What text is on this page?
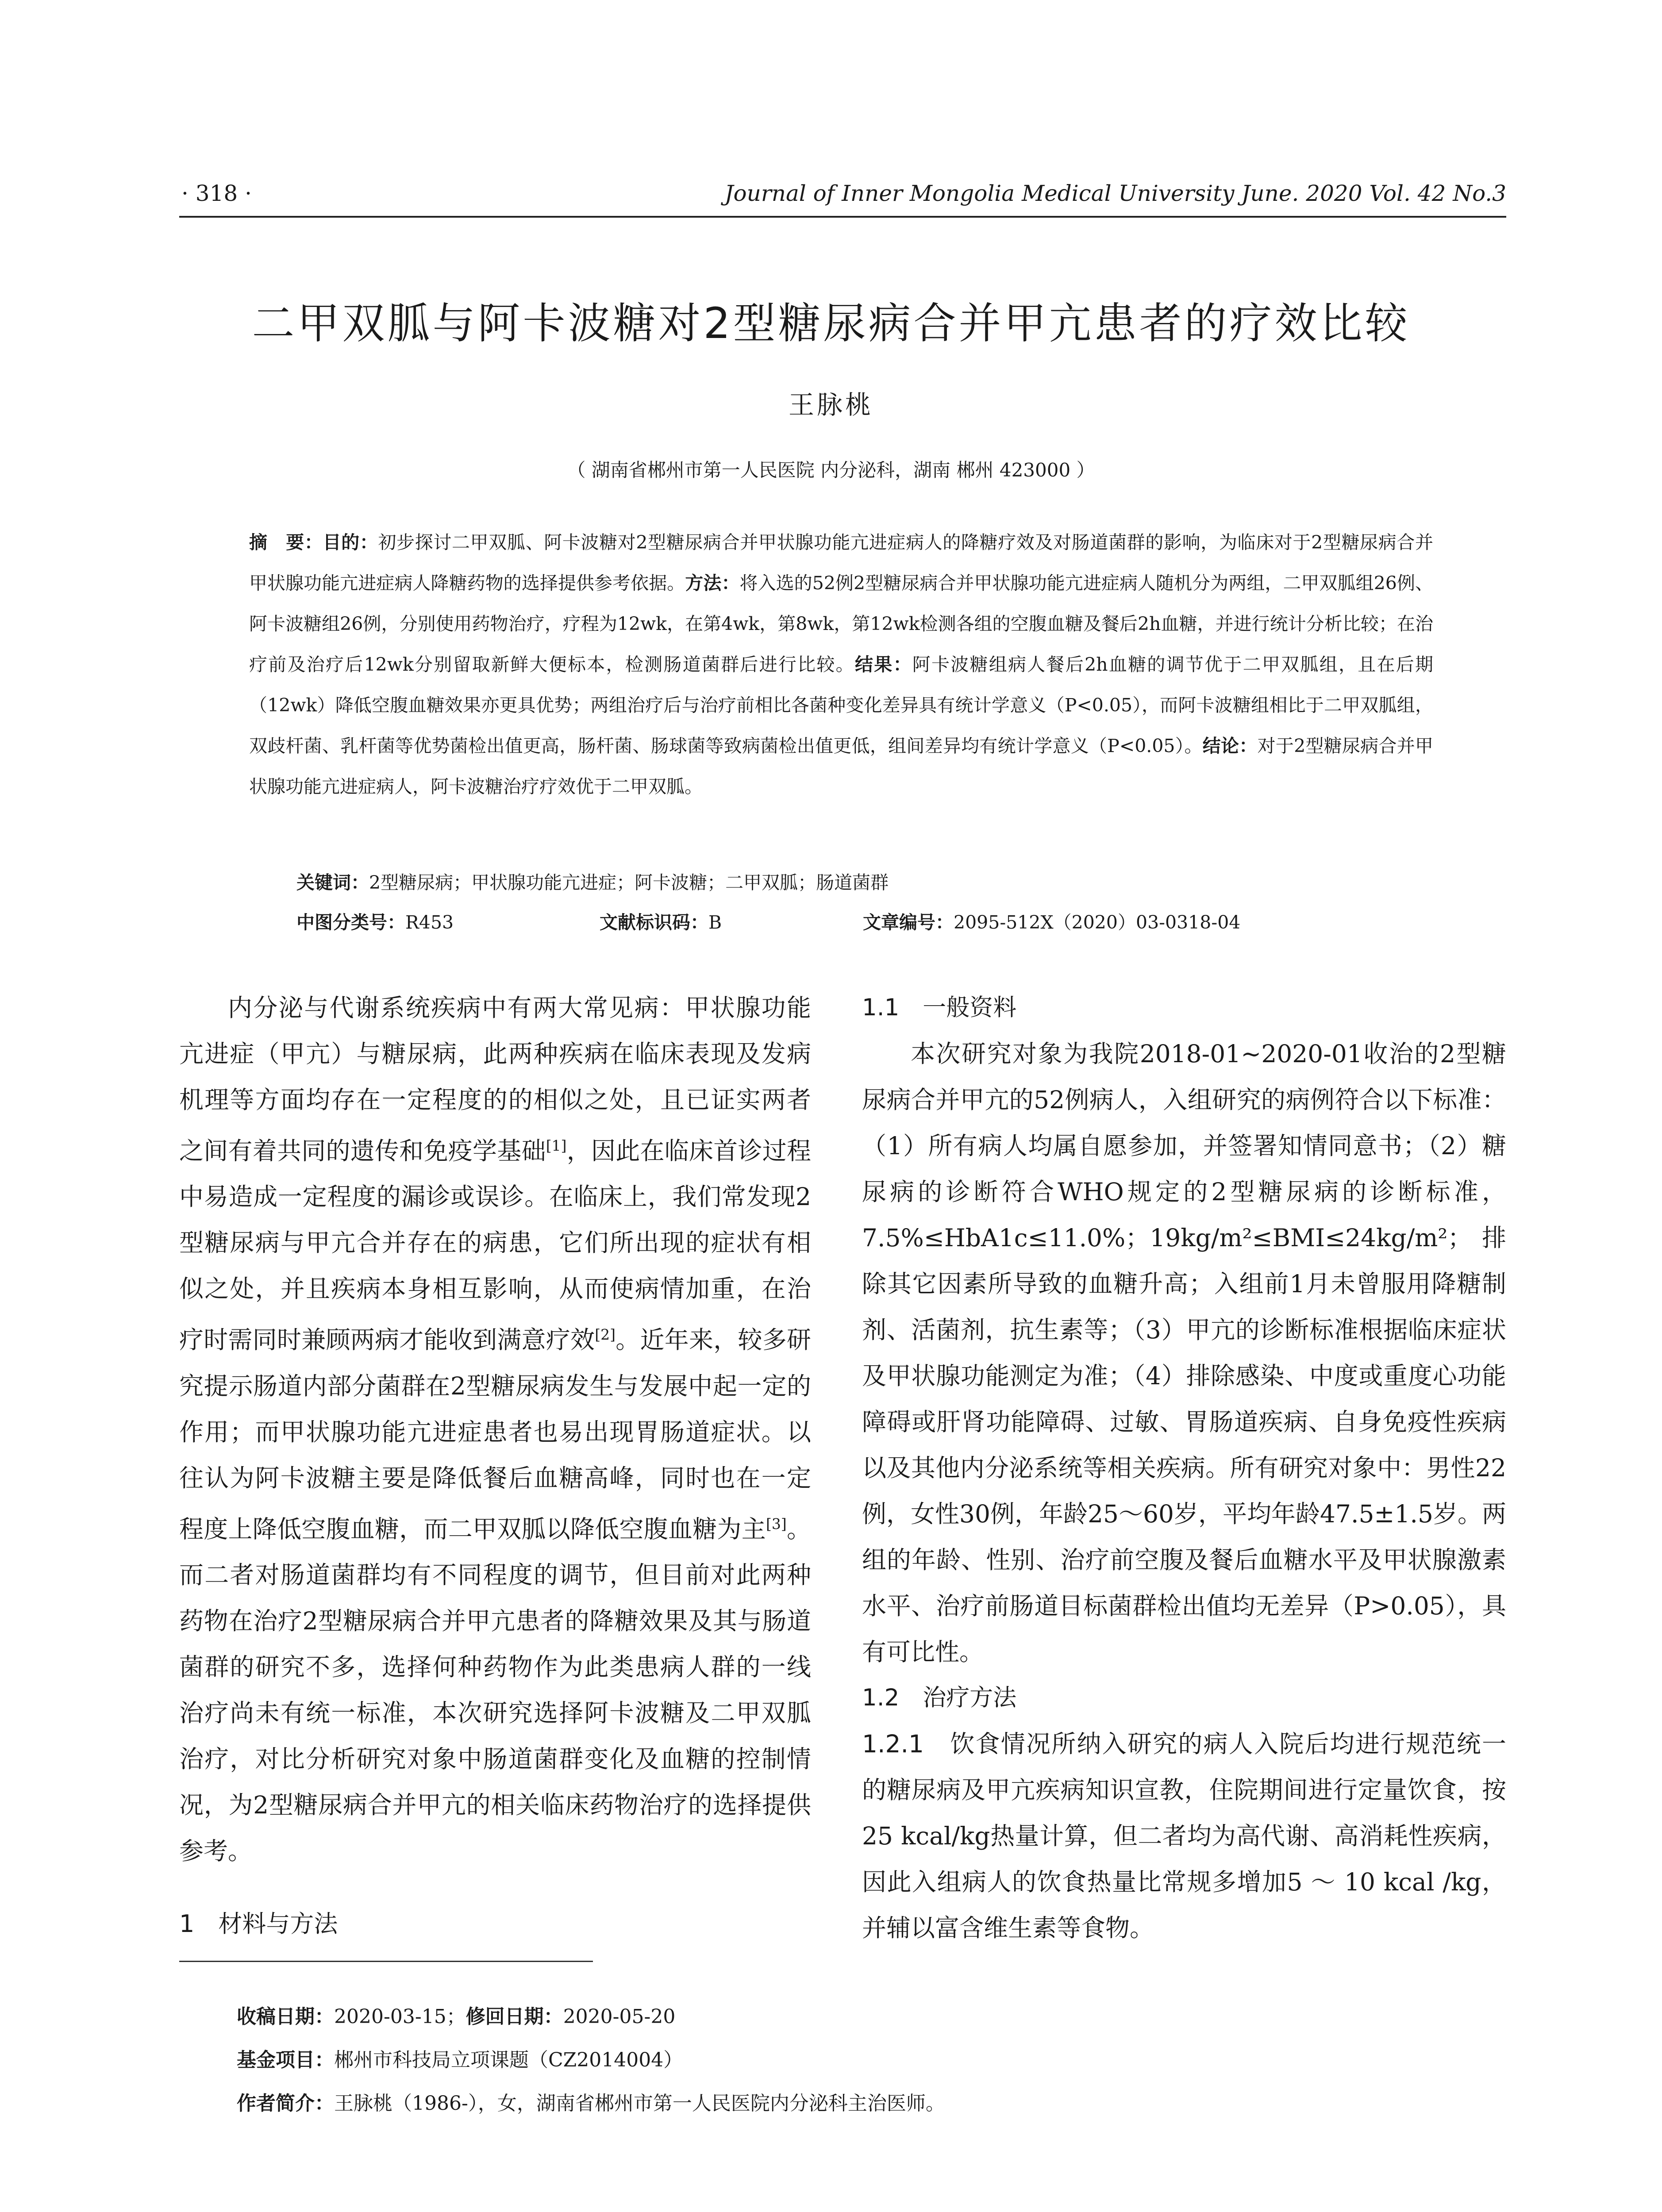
· 318 ·	Journal of Inner Mongolia Medical University June. 2020 Vol. 42 No.3
二甲双胍与阿卡波糖对2型糖尿病合并甲亢患者的疗效比较
王脉桃
（ 湖南省郴州市第一人民医院 内分泌科，湖南 郴州 423000 ）
摘　要：目的：初步探讨二甲双胍、阿卡波糖对2型糖尿病合并甲状腺功能亢进症病人的降糖疗效及对肠道菌群的影响，为临床对于2型糖尿病合并甲状腺功能亢进症病人降糖药物的选择提供参考依据。方法：将入选的52例2型糖尿病合并甲状腺功能亢进症病人随机分为两组，二甲双胍组26例、阿卡波糖组26例，分别使用药物治疗，疗程为12wk，在第4wk，第8wk，第12wk检测各组的空腹血糖及餐后2h血糖，并进行统计分析比较；在治疗前及治疗后12wk分别留取新鲜大便标本，检测肠道菌群后进行比较。结果：阿卡波糖组病人餐后2h血糖的调节优于二甲双胍组，且在后期（12wk）降低空腹血糖效果亦更具优势；两组治疗后与治疗前相比各菌种变化差异具有统计学意义（P<0.05），而阿卡波糖组相比于二甲双胍组，双歧杆菌、乳杆菌等优势菌检出值更高，肠杆菌、肠球菌等致病菌检出值更低，组间差异均有统计学意义（P<0.05）。结论：对于2型糖尿病合并甲状腺功能亢进症病人，阿卡波糖治疗疗效优于二甲双胍。
关键词：2型糖尿病；甲状腺功能亢进症；阿卡波糖；二甲双胍；肠道菌群
中图分类号：R453	文献标识码：B	文章编号：2095-512X（2020）03-0318-04

内分泌与代谢系统疾病中有两大常见病：甲状腺功能亢进症（甲亢）与糖尿病，此两种疾病在临床表现及发病机理等方面均存在一定程度的的相似之处，且已证实两者之间有着共同的遗传和免疫学基础[1]，因此在临床首诊过程中易造成一定程度的漏诊或误诊。在临床上，我们常发现2型糖尿病与甲亢合并存在的病患，它们所出现的症状有相似之处，并且疾病本身相互影响，从而使病情加重，在治疗时需同时兼顾两病才能收到满意疗效[2]。近年来，较多研究提示肠道内部分菌群在2型糖尿病发生与发展中起一定的作用；而甲状腺功能亢进症患者也易出现胃肠道症状。以往认为阿卡波糖主要是降低餐后血糖高峰，同时也在一定程度上降低空腹血糖，而二甲双胍以降低空腹血糖为主[3]。而二者对肠道菌群均有不同程度的调节，但目前对此两种药物在治疗2型糖尿病合并甲亢患者的降糖效果及其与肠道菌群的研究不多，选择何种药物作为此类患病人群的一线治疗尚未有统一标准，本次研究选择阿卡波糖及二甲双胍治疗，对比分析研究对象中肠道菌群变化及血糖的控制情况，为2型糖尿病合并甲亢的相关临床药物治疗的选择提供参考。

1　材料与方法

1.1　一般资料

本次研究对象为我院2018-01~2020-01收治的2型糖尿病合并甲亢的52例病人，入组研究的病例符合以下标准：（1）所有病人均属自愿参加，并签署知情同意书；（2）糖尿病的诊断符合WHO规定的2型糖尿病的诊断标准，7.5%≤HbA1c≤11.0%；19kg/m²≤BMI≤24kg/m²；排除其它因素所导致的血糖升高；入组前1月未曾服用降糖制剂、活菌剂，抗生素等；（3）甲亢的诊断标准根据临床症状及甲状腺功能测定为准；（4）排除感染、中度或重度心功能障碍或肝肾功能障碍、过敏、胃肠道疾病、自身免疫性疾病以及其他内分泌系统等相关疾病。所有研究对象中：男性22例，女性30例，年龄25～60岁，平均年龄47.5±1.5岁。两组的年龄、性别、治疗前空腹及餐后血糖水平及甲状腺激素水平、治疗前肠道目标菌群检出值均无差异（P>0.05），具有可比性。

1.2　治疗方法

1.2.1　 饮食情况所纳入研究的病人入院后均进行规范统一的糖尿病及甲亢疾病知识宣教，住院期间进行定量饮食，按25 kcal/kg热量计算，但二者均为高代谢、高消耗性疾病，因此入组病人的饮食热量比常规多增加5 ～ 10 kcal /kg，并辅以富含维生素等食物。

收稿日期：2020-03-15；修回日期：2020-05-20
基金项目：郴州市科技局立项课题（CZ2014004）
作者简介：王脉桃（1986-），女，湖南省郴州市第一人民医院内分泌科主治医师。
